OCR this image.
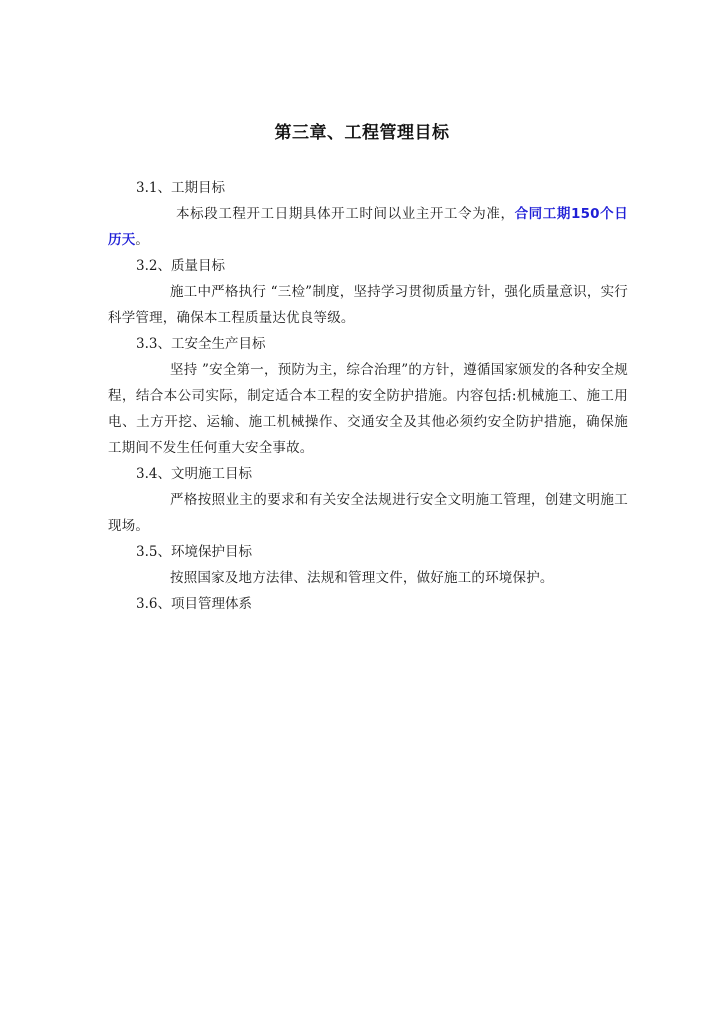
第三章、工程管理目标
3.1、工期目标
本标段工程开工日期具体开工时间以业主开工令为准，合同工期150个日历天。
3.2、质量目标
施工中严格执行 “三检”制度，坚持学习贯彻质量方针，强化质量意识，实行科学管理，确保本工程质量达优良等级。
3.3、工安全生产目标
坚持 ”安全第一，预防为主，综合治理”的方针，遵循国家颁发的各种安全规程，结合本公司实际，制定适合本工程的安全防护措施。内容包括:机械施工、施工用电、土方开挖、运输、施工机械操作、交通安全及其他必须约安全防护措施，确保施工期间不发生任何重大安全事故。
3.4、文明施工目标
严格按照业主的要求和有关安全法规进行安全文明施工管理，创建文明施工现场。
3.5、环境保护目标
按照国家及地方法律、法规和管理文件，做好施工的环境保护。
3.6、项目管理体系
